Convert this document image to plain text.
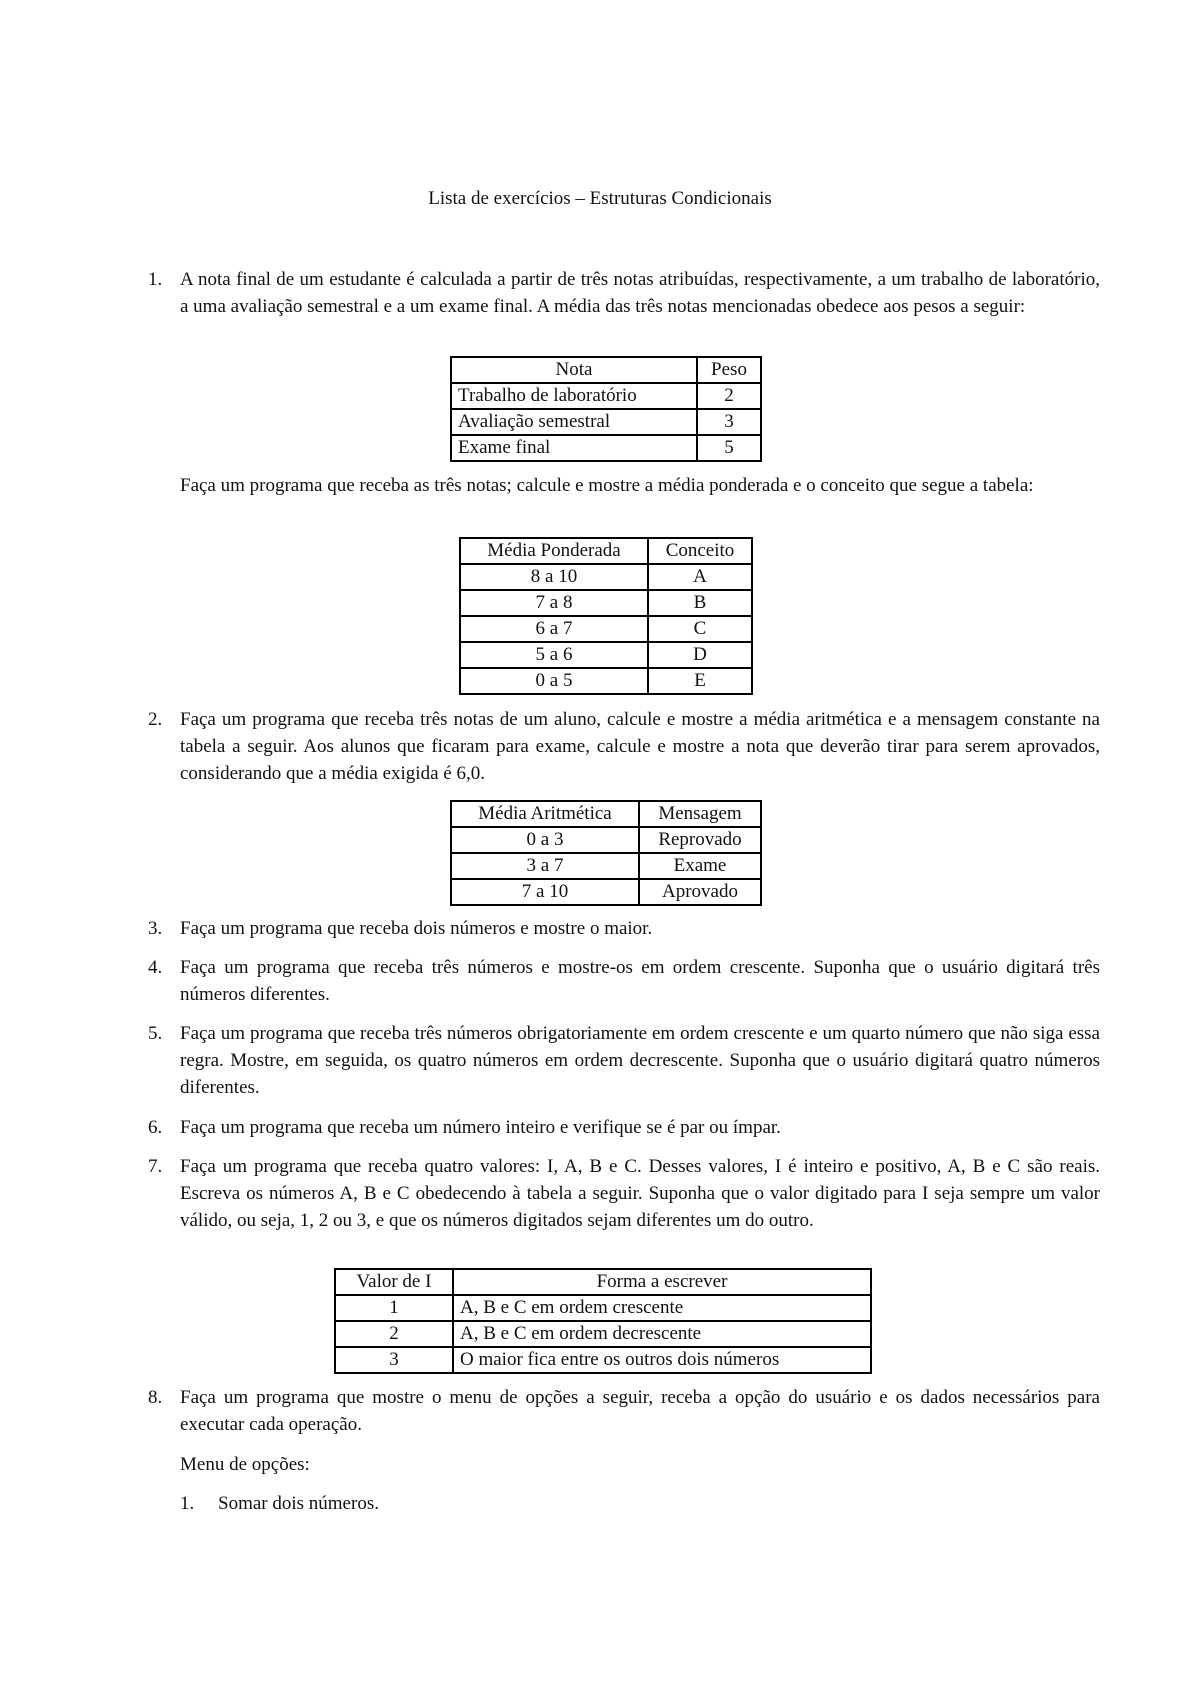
Lista de exercícios – Estruturas Condicionais
1. A nota final de um estudante é calculada a partir de três notas atribuídas, respectivamente, a um trabalho de laboratório, a uma avaliação semestral e a um exame final. A média das três notas mencionadas obedece aos pesos a seguir:
Nota	Peso
Trabalho de laboratório	2
Avaliação semestral	3
Exame final	5
Faça um programa que receba as três notas; calcule e mostre a média ponderada e o conceito que segue a tabela:
Média Ponderada	Conceito
8 a 10	A
7 a 8	B
6 a 7	C
5 a 6	D
0 a 5	E
2. Faça um programa que receba três notas de um aluno, calcule e mostre a média aritmética e a mensagem constante na tabela a seguir. Aos alunos que ficaram para exame, calcule e mostre a nota que deverão tirar para serem aprovados, considerando que a média exigida é 6,0.
Média Aritmética	Mensagem
0 a 3	Reprovado
3 a 7	Exame
7 a 10	Aprovado
3. Faça um programa que receba dois números e mostre o maior.
4. Faça um programa que receba três números e mostre-os em ordem crescente. Suponha que o usuário digitará três números diferentes.
5. Faça um programa que receba três números obrigatoriamente em ordem crescente e um quarto número que não siga essa regra. Mostre, em seguida, os quatro números em ordem decrescente. Suponha que o usuário digitará quatro números diferentes.
6. Faça um programa que receba um número inteiro e verifique se é par ou ímpar.
7. Faça um programa que receba quatro valores: I, A, B e C. Desses valores, I é inteiro e positivo, A, B e C são reais. Escreva os números A, B e C obedecendo à tabela a seguir. Suponha que o valor digitado para I seja sempre um valor válido, ou seja, 1, 2 ou 3, e que os números digitados sejam diferentes um do outro.
Valor de I	Forma a escrever
1	A, B e C em ordem crescente
2	A, B e C em ordem decrescente
3	O maior fica entre os outros dois números
8. Faça um programa que mostre o menu de opções a seguir, receba a opção do usuário e os dados necessários para executar cada operação.
Menu de opções:
1. Somar dois números.
